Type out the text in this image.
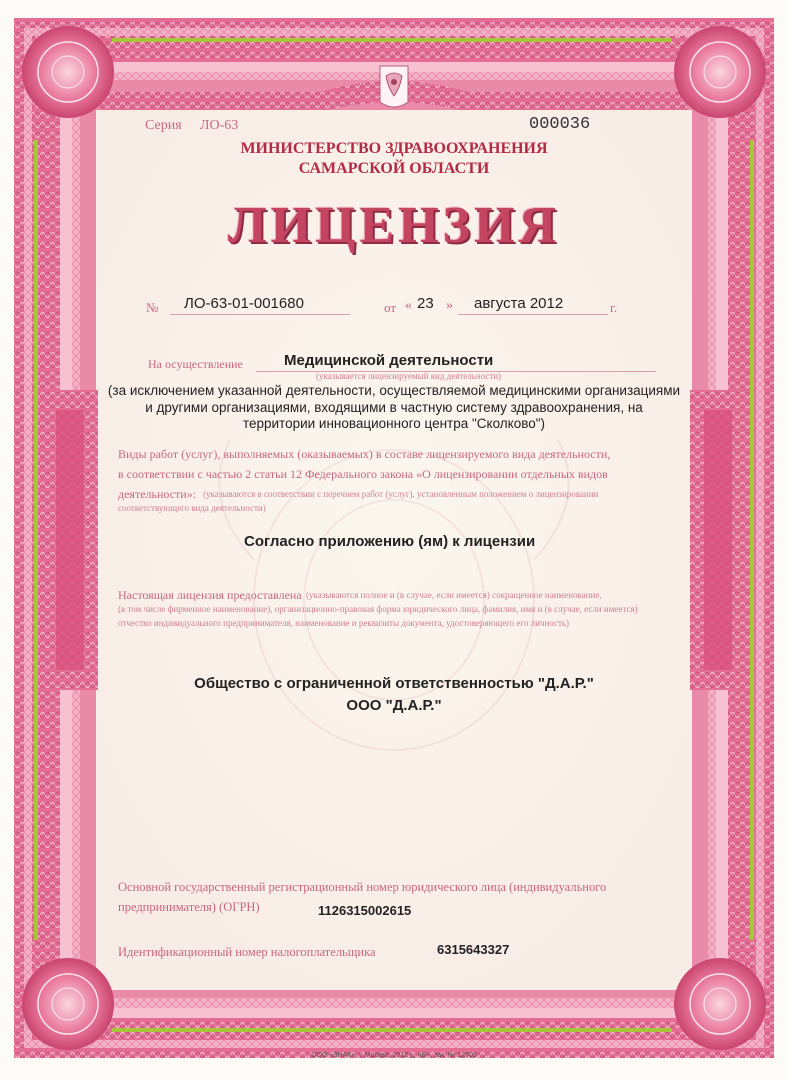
Серия ЛО-63	000036
МИНИСТЕРСТВО ЗДРАВООХРАНЕНИЯ
САМАРСКОЙ ОБЛАСТИ
ЛИЦЕНЗИЯ
№ ЛО-63-01-001680	от « 23 » августа 2012	г.
На осуществление	Медицинской деятельности
(указывается лицензируемый вид деятельности)
(за исключением указанной деятельности, осуществляемой медицинскими организациями
и другими организациями, входящими в частную систему здравоохранения, на
территории инновационного центра "Сколково")
Виды работ (услуг), выполняемых (оказываемых) в составе лицензируемого вида деятельности,
в соответствии с частью 2 статьи 12 Федерального закона «О лицензировании отдельных видов
деятельности»: (указываются в соответствии с перечнем работ (услуг), установленным положением о лицензировании
соответствующего вида деятельности)
Согласно приложению (ям) к лицензии
Настоящая лицензия предоставлена (указываются полное и (в случае, если имеется) сокращенное наименование,
(в том числе фирменное наименование), организационно-правовая форма юридического лица, фамилия, имя и (в случае, если имеется)
отчество индивидуального предпринимателя, наименование и реквизиты документа, удостоверяющего его личность)
Общество с ограниченной ответственностью "Д.А.Р."
ООО "Д.А.Р."
Основной государственный регистрационный номер юридического лица (индивидуального
предпринимателя) (ОГРН)	1126315002615
Идентификационный номер налогоплательщика	6315643327
ООО «ЗНАК», г. Москва, 2012 г., «Б», зак. № 12609
